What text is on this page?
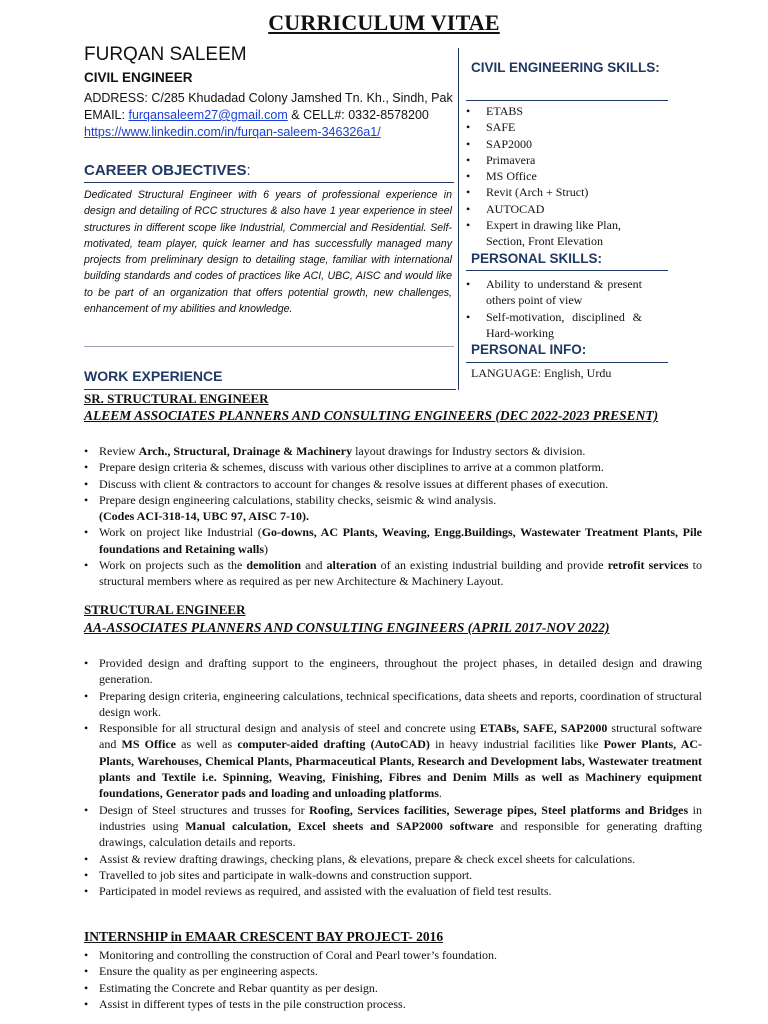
CURRICULUM VITAE
FURQAN SALEEM
CIVIL ENGINEER
ADDRESS: C/285 Khudadad Colony Jamshed Tn. Kh., Sindh, Pak
EMAIL: furqansaleem27@gmail.com & CELL#: 0332-8578200
https://www.linkedin.com/in/furqan-saleem-346326a1/
CAREER OBJECTIVES:
Dedicated Structural Engineer with 6 years of professional experience in design and detailing of RCC structures & also have 1 year experience in steel structures in different scope like Industrial, Commercial and Residential. Self-motivated, team player, quick learner and has successfully managed many projects from preliminary design to detailing stage, familiar with international building standards and codes of practices like ACI, UBC, AISC and would like to be part of an organization that offers potential growth, new challenges, enhancement of my abilities and knowledge.
CIVIL ENGINEERING SKILLS:
• ETABS
• SAFE
• SAP2000
• Primavera
• MS Office
• Revit (Arch + Struct)
• AUTOCAD
• Expert in drawing like Plan, Section, Front Elevation
PERSONAL SKILLS:
• Ability to understand & present others point of view
• Self-motivation, disciplined & Hard-working
PERSONAL INFO:
LANGUAGE: English, Urdu
WORK EXPERIENCE
SR. STRUCTURAL ENGINEER
ALEEM ASSOCIATES PLANNERS AND CONSULTING ENGINEERS (DEC 2022-2023 PRESENT)
• Review Arch., Structural, Drainage & Machinery layout drawings for Industry sectors & division.
• Prepare design criteria & schemes, discuss with various other disciplines to arrive at a common platform.
• Discuss with client & contractors to account for changes & resolve issues at different phases of execution.
• Prepare design engineering calculations, stability checks, seismic & wind analysis.
(Codes ACI-318-14, UBC 97, AISC 7-10).
• Work on project like Industrial (Go-downs, AC Plants, Weaving, Engg.Buildings, Wastewater Treatment Plants, Pile foundations and Retaining walls)
• Work on projects such as the demolition and alteration of an existing industrial building and provide retrofit services to structural members where as required as per new Architecture & Machinery Layout.
STRUCTURAL ENGINEER
AA-ASSOCIATES PLANNERS AND CONSULTING ENGINEERS (APRIL 2017-NOV 2022)
• Provided design and drafting support to the engineers, throughout the project phases, in detailed design and drawing generation.
• Preparing design criteria, engineering calculations, technical specifications, data sheets and reports, coordination of structural design work.
• Responsible for all structural design and analysis of steel and concrete using ETABs, SAFE, SAP2000 structural software and MS Office as well as computer-aided drafting (AutoCAD) in heavy industrial facilities like Power Plants, AC-Plants, Warehouses, Chemical Plants, Pharmaceutical Plants, Research and Development labs, Wastewater treatment plants and Textile i.e. Spinning, Weaving, Finishing, Fibres and Denim Mills as well as Machinery equipment foundations, Generator pads and loading and unloading platforms.
• Design of Steel structures and trusses for Roofing, Services facilities, Sewerage pipes, Steel platforms and Bridges in industries using Manual calculation, Excel sheets and SAP2000 software and responsible for generating drafting drawings, calculation details and reports.
• Assist & review drafting drawings, checking plans, & elevations, prepare & check excel sheets for calculations.
• Travelled to job sites and participate in walk-downs and construction support.
• Participated in model reviews as required, and assisted with the evaluation of field test results.
INTERNSHIP in EMAAR CRESCENT BAY PROJECT- 2016
• Monitoring and controlling the construction of Coral and Pearl tower’s foundation.
• Ensure the quality as per engineering aspects.
• Estimating the Concrete and Rebar quantity as per design.
• Assist in different types of tests in the pile construction process.
